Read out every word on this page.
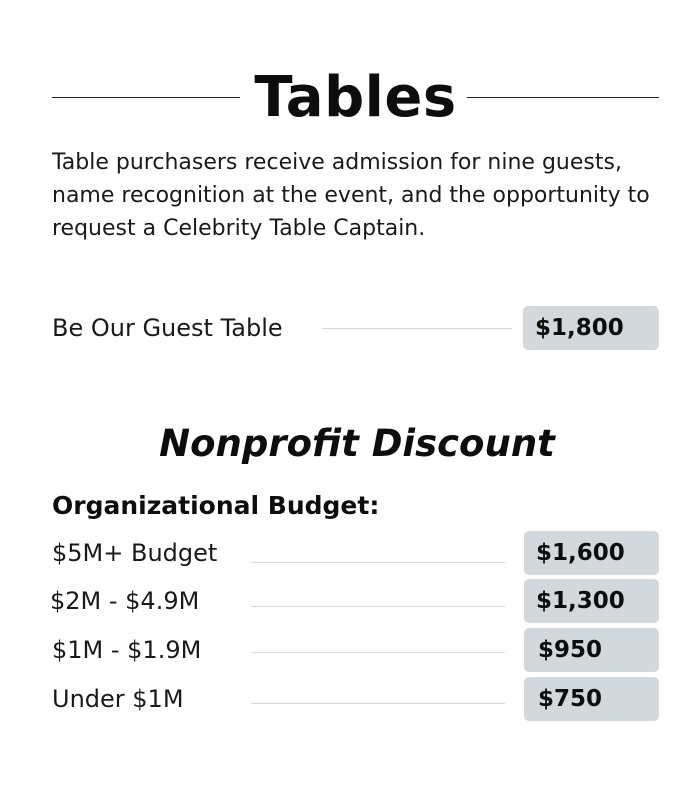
Tables
Table purchasers receive admission for nine guests, name recognition at the event, and the opportunity to request a Celebrity Table Captain.
Be Our Guest Table	$1,800
Nonprofit Discount
Organizational Budget:
$5M+ Budget	$1,600
$2M - $4.9M	$1,300
$1M - $1.9M	$950
Under $1M	$750
